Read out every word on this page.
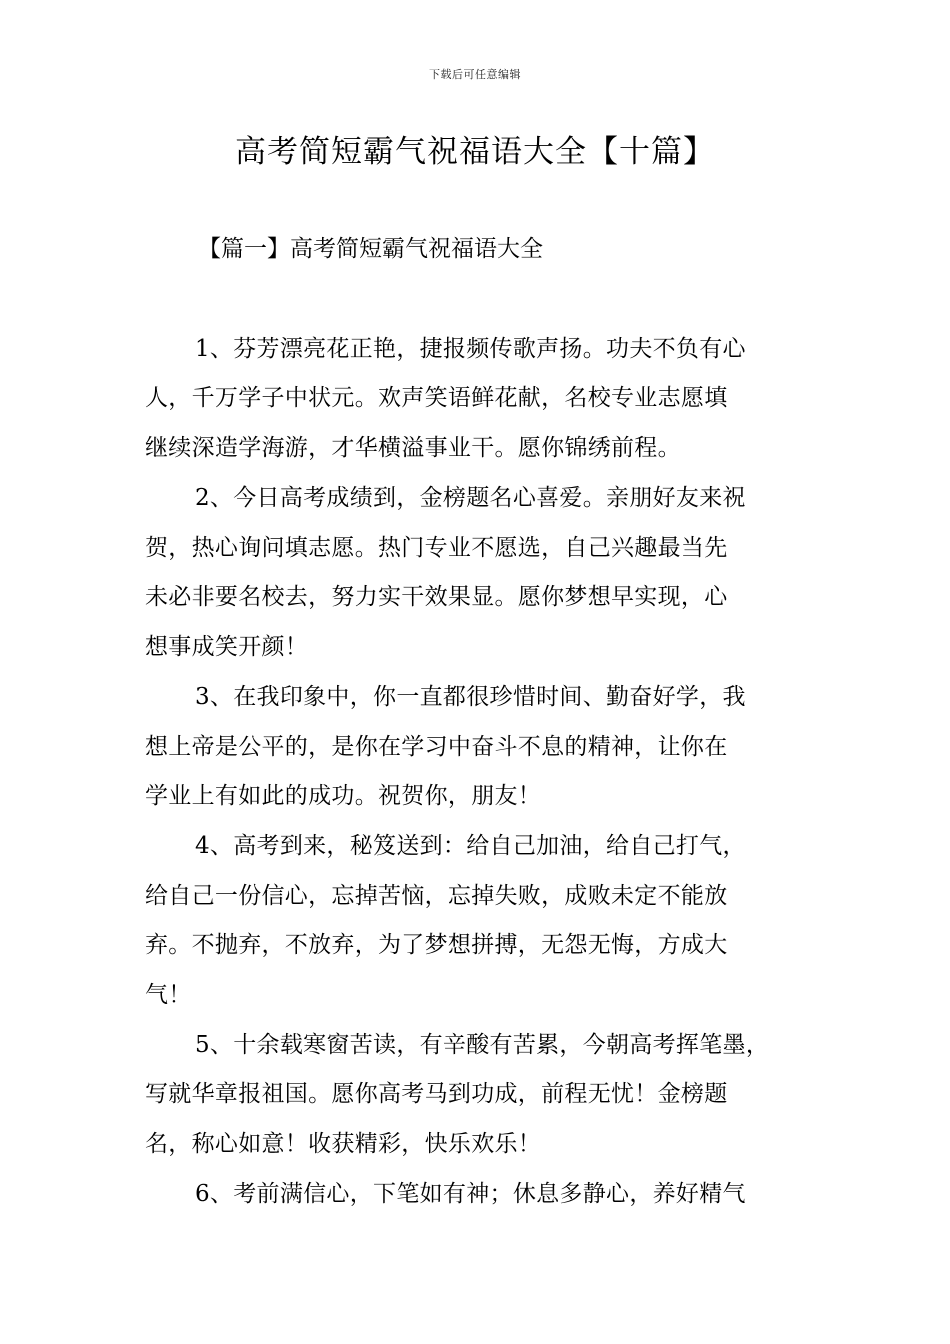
下载后可任意编辑
高考简短霸气祝福语大全【十篇】
【篇一】高考简短霸气祝福语大全
1、芬芳漂亮花正艳，捷报频传歌声扬。功夫不负有心
人，千万学子中状元。欢声笑语鲜花献，名校专业志愿填
继续深造学海游，才华横溢事业干。愿你锦绣前程。
2、今日高考成绩到，金榜题名心喜爱。亲朋好友来祝
贺，热心询问填志愿。热门专业不愿选，自己兴趣最当先
未必非要名校去，努力实干效果显。愿你梦想早实现，心
想事成笑开颜！
3、在我印象中，你一直都很珍惜时间、勤奋好学，我
想上帝是公平的，是你在学习中奋斗不息的精神，让你在
学业上有如此的成功。祝贺你，朋友！
4、高考到来，秘笈送到：给自己加油，给自己打气，
给自己一份信心，忘掉苦恼，忘掉失败，成败未定不能放
弃。不抛弃，不放弃，为了梦想拼搏，无怨无悔，方成大
气！
5、十余载寒窗苦读，有辛酸有苦累，今朝高考挥笔墨，
写就华章报祖国。愿你高考马到功成，前程无忧！金榜题
名，称心如意！收获精彩，快乐欢乐！
6、考前满信心，下笔如有神；休息多静心，养好精气
